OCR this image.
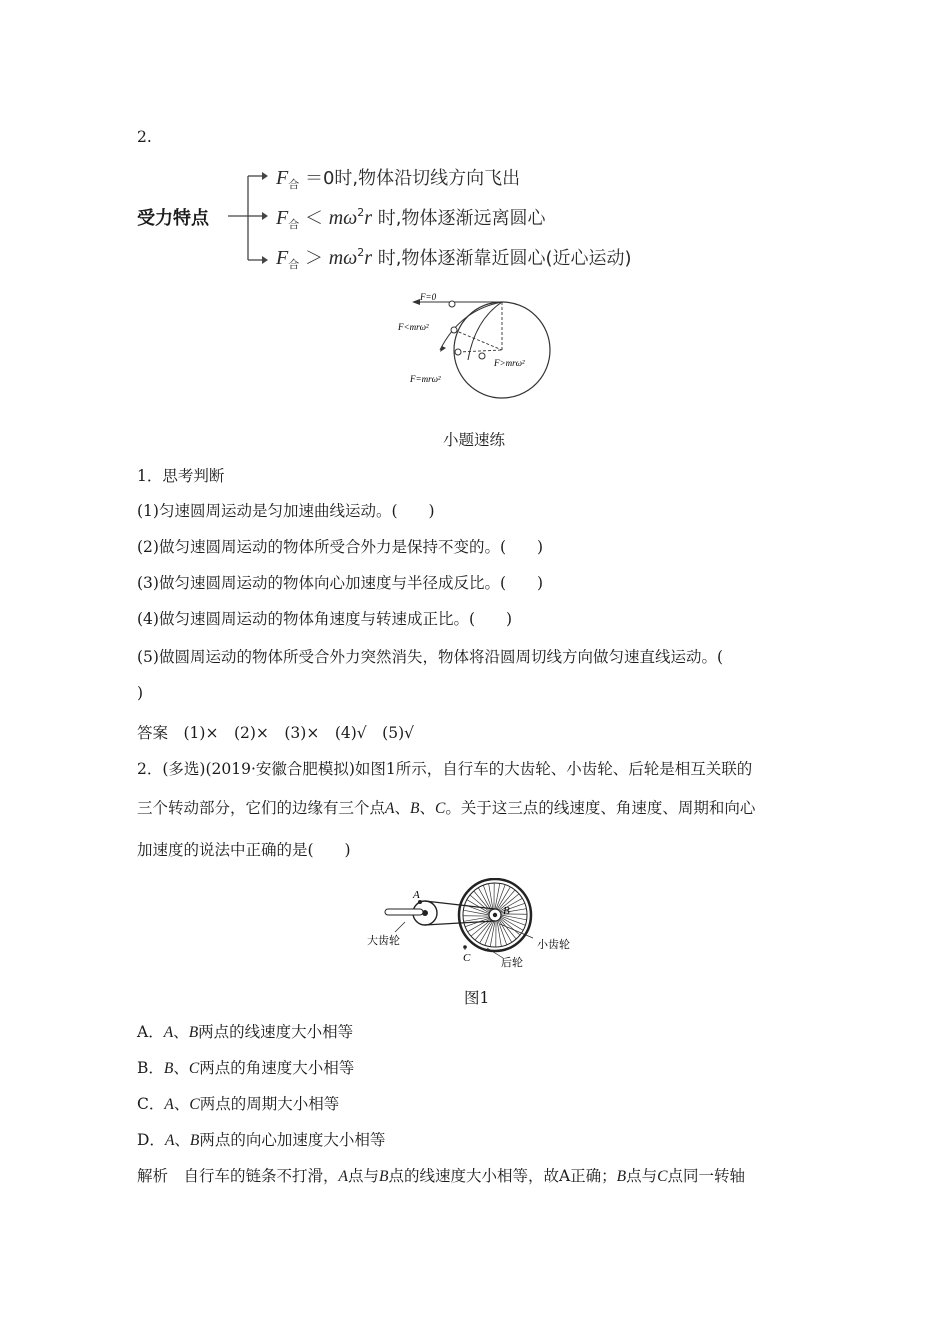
2.
受力特点
$F_合 =0$时,物体沿切线方向飞出
$F_合 < m\omega^2r$ 时,物体逐渐远离圆心
$F_合 > m\omega^2r$ 时,物体逐渐靠近圆心(近心运动)
F=0
F<mrω²
F>mrω²
F=mrω²
小题速练
1．思考判断
(1)匀速圆周运动是匀加速曲线运动。(　　)
(2)做匀速圆周运动的物体所受合外力是保持不变的。(　　)
(3)做匀速圆周运动的物体向心加速度与半径成反比。(　　)
(4)做匀速圆周运动的物体角速度与转速成正比。(　　)
(5)做圆周运动的物体所受合外力突然消失，物体将沿圆周切线方向做匀速直线运动。(
)
答案　(1)×　(2)×　(3)×　(4)√　(5)√
2．(多选)(2019·安徽合肥模拟)如图1所示，自行车的大齿轮、小齿轮、后轮是相互关联的
三个转动部分，它们的边缘有三个点A、B、C。关于这三点的线速度、角速度、周期和向心
加速度的说法中正确的是(　　)
A
B
C
大齿轮	小齿轮
后轮
图1
A．A、B两点的线速度大小相等
B．B、C两点的角速度大小相等
C．A、C两点的周期大小相等
D．A、B两点的向心加速度大小相等
解析　自行车的链条不打滑，A点与B点的线速度大小相等，故A正确；B点与C点同一转轴
